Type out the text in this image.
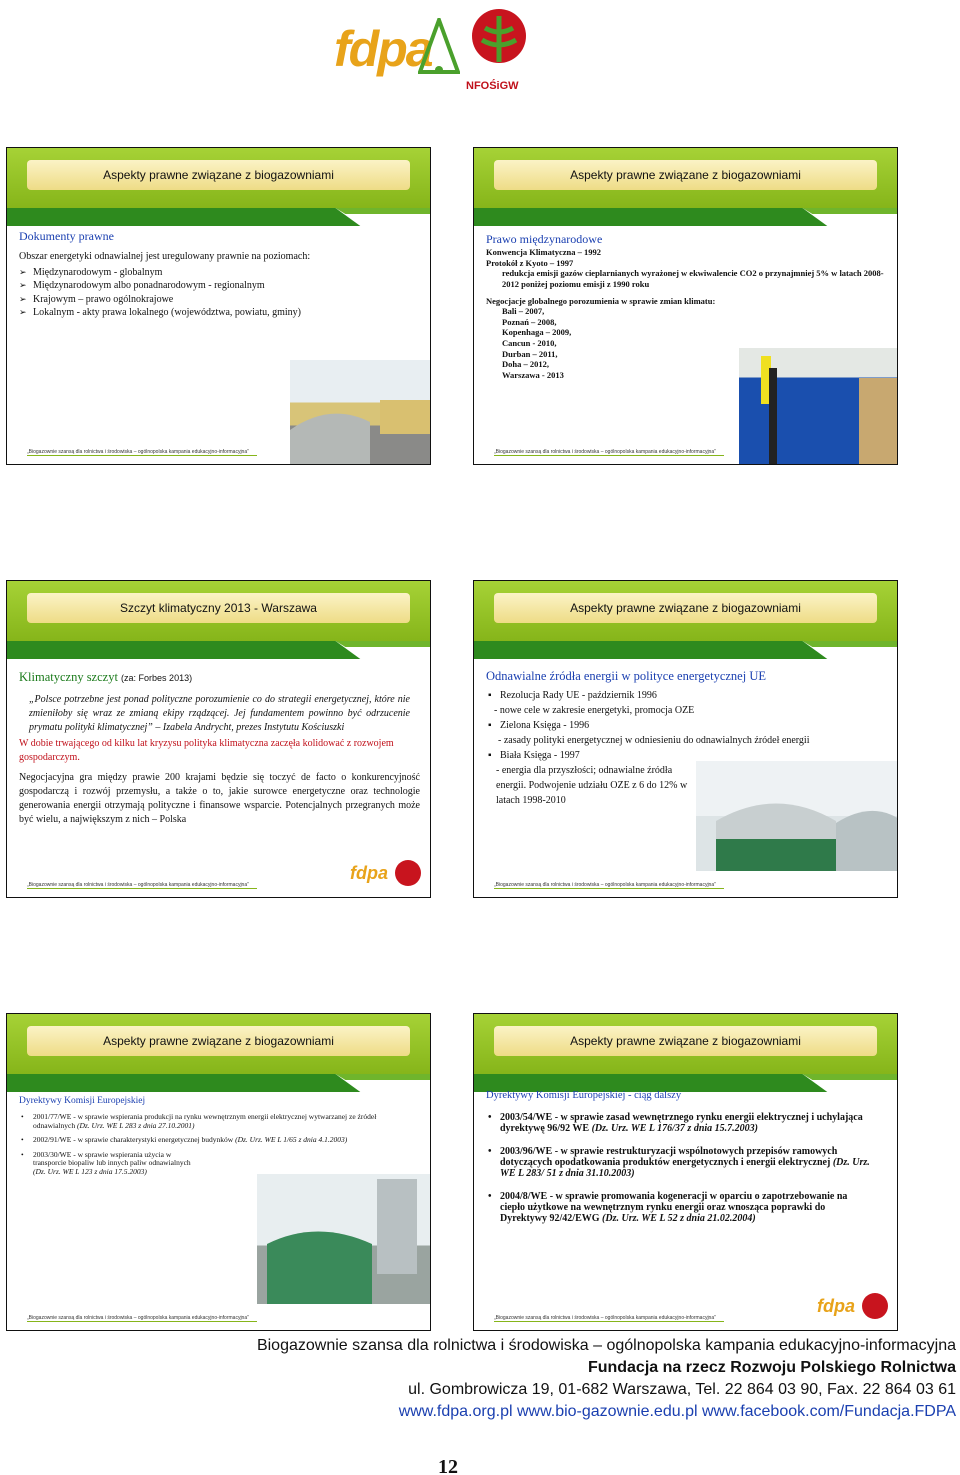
fdpa
NFOŚiGW
Aspekty prawne związane z biogazowniami
Dokumenty prawne
Obszar energetyki odnawialnej jest uregulowany prawnie na poziomach:
➢ Międzynarodowym - globalnym
➢ Międzynarodowym albo ponadnarodowym - regionalnym
➢ Krajowym – prawo ogólnokrajowe
➢ Lokalnym - akty prawa lokalnego (województwa, powiatu, gminy)
„Biogazownie szansą dla rolnictwa i środowiska – ogólnopolska kampania edukacyjno-informacyjna”
Aspekty prawne związane z biogazowniami
Prawo międzynarodowe
Konwencja Klimatyczna – 1992
Protokół z Kyoto – 1997
redukcja emisji gazów cieplarnianych wyrażonej w ekwiwalencie CO2 o przynajmniej 5% w latach 2008-2012 poniżej poziomu emisji z 1990 roku
Negocjacje globalnego porozumienia w sprawie zmian klimatu:
Bali – 2007,
Poznań – 2008,
Kopenhaga – 2009,
Cancun - 2010,
Durban – 2011,
Doha – 2012,
Warszawa - 2013
„Biogazownie szansą dla rolnictwa i środowiska – ogólnopolska kampania edukacyjno-informacyjna”
Szczyt klimatyczny 2013 - Warszawa
Klimatyczny szczyt (za: Forbes 2013)
„Polsce potrzebne jest ponad polityczne porozumienie co do strategii energetycznej, które nie zmieniłoby się wraz ze zmianą ekipy rządzącej. Jej fundamentem powinno być odrzucenie prymatu polityki klimatycznej” – Izabela Andrycht, prezes Instytutu Kościuszki
W dobie trwającego od kilku lat kryzysu polityka klimatyczna zaczęła kolidować z rozwojem gospodarczym.
Negocjacyjna gra między prawie 200 krajami będzie się toczyć de facto o konkurencyjność gospodarczą i rozwój przemysłu, a także o to, jakie surowce energetyczne oraz technologie generowania energii otrzymają polityczne i finansowe wsparcie. Potencjalnych przegranych może być wielu, a największym z nich – Polska
fdpa
„Biogazownie szansą dla rolnictwa i środowiska – ogólnopolska kampania edukacyjno-informacyjna”
Aspekty prawne związane z biogazowniami
Odnawialne źródła energii w polityce energetycznej UE
▪ Rezolucja Rady UE - październik 1996
- nowe cele w zakresie energetyki, promocja OZE
▪ Zielona Księga - 1996
- zasady polityki energetycznej w odniesieniu do odnawialnych źródeł energii
▪ Biała Księga - 1997
- energia dla przyszłości; odnawialne źródła energii. Podwojenie udziału OZE z 6 do 12% w latach 1998-2010
„Biogazownie szansą dla rolnictwa i środowiska – ogólnopolska kampania edukacyjno-informacyjna”
Aspekty prawne związane z biogazowniami
Dyrektywy Komisji Europejskiej
• 2001/77/WE - w sprawie wspierania produkcji na rynku wewnętrznym energii elektrycznej wytwarzanej ze źródeł odnawialnych (Dz. Urz. WE L 283 z dnia 27.10.2001)
• 2002/91/WE - w sprawie charakterystyki energetycznej budynków (Dz. Urz. WE L 1/65 z dnia 4.1.2003)
• 2003/30/WE - w sprawie wspierania użycia w transporcie biopaliw lub innych paliw odnawialnych (Dz. Urz. WE L 123 z dnia 17.5.2003)
„Biogazownie szansą dla rolnictwa i środowiska – ogólnopolska kampania edukacyjno-informacyjna”
Aspekty prawne związane z biogazowniami
Dyrektywy Komisji Europejskiej - ciąg dalszy
• 2003/54/WE - w sprawie zasad wewnętrznego rynku energii elektrycznej i uchylająca dyrektywę 96/92 WE (Dz. Urz. WE L 176/37 z dnia 15.7.2003)
• 2003/96/WE - w sprawie restrukturyzacji wspólnotowych przepisów ramowych dotyczących opodatkowania produktów energetycznych i energii elektrycznej (Dz. Urz. WE L 283/ 51 z dnia 31.10.2003)
• 2004/8/WE - w sprawie promowania kogeneracji w oparciu o zapotrzebowanie na ciepło użytkowe na wewnętrznym rynku energii oraz wnosząca poprawki do Dyrektywy 92/42/EWG (Dz. Urz. WE L 52 z dnia 21.02.2004)
fdpa
„Biogazownie szansą dla rolnictwa i środowiska – ogólnopolska kampania edukacyjno-informacyjna”
Biogazownie szansa dla rolnictwa i środowiska – ogólnopolska kampania edukacyjno-informacyjna
Fundacja na rzecz Rozwoju Polskiego Rolnictwa
ul. Gombrowicza 19, 01-682 Warszawa, Tel. 22 864 03 90, Fax. 22 864 03 61
www.fdpa.org.pl www.bio-gazownie.edu.pl www.facebook.com/Fundacja.FDPA
12
